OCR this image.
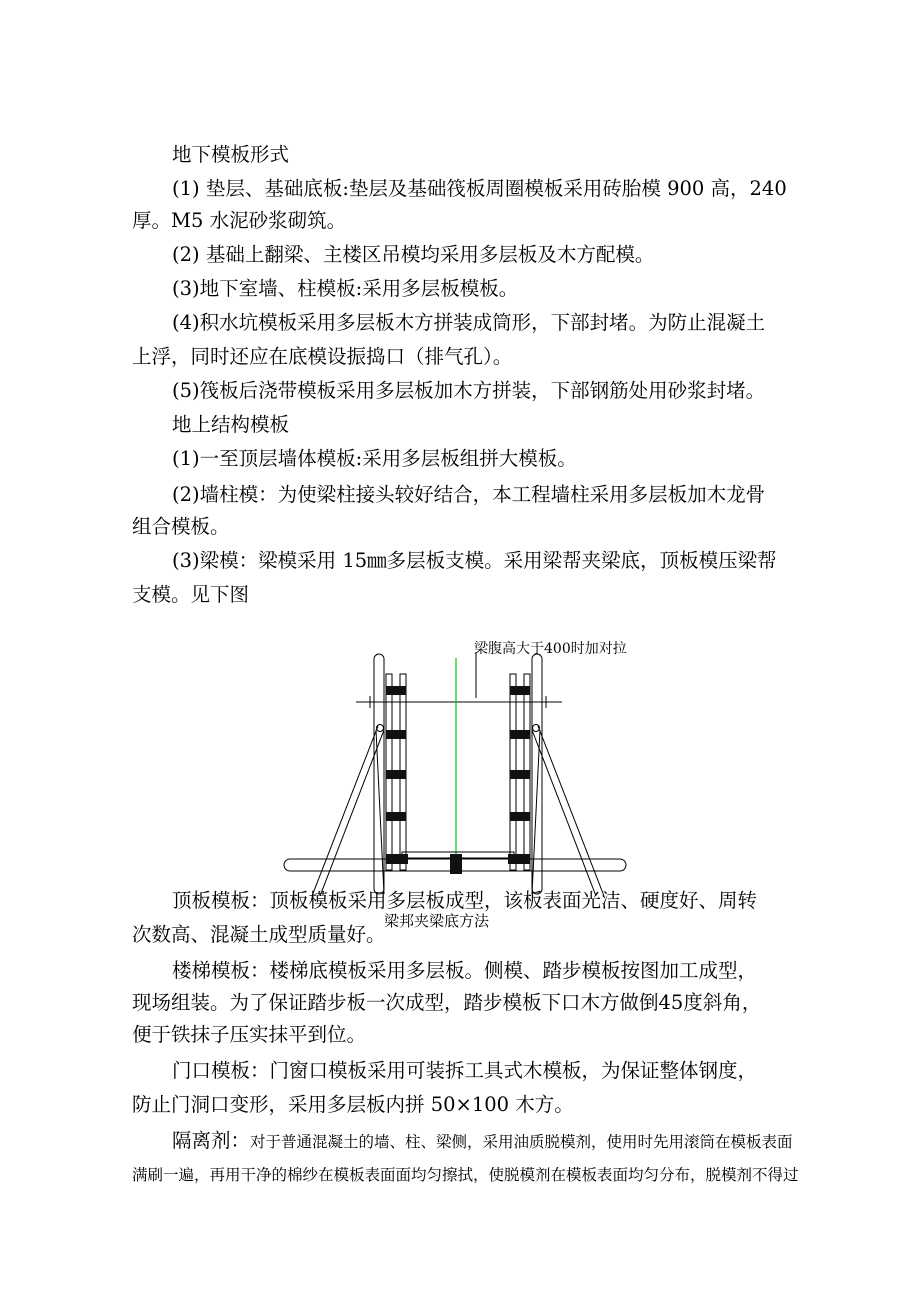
地下模板形式
(1) 垫层、基础底板:垫层及基础筏板周圈模板采用砖胎模 900 高，240
厚。M5 水泥砂浆砌筑。
(2) 基础上翻梁、主楼区吊模均采用多层板及木方配模。
(3)地下室墙、柱模板:采用多层板模板。
(4)积水坑模板采用多层板木方拼装成筒形，下部封堵。为防止混凝土
上浮，同时还应在底模设振捣口（排气孔）。
(5)筏板后浇带模板采用多层板加木方拼装，下部钢筋处用砂浆封堵。
地上结构模板
(1)一至顶层墙体模板:采用多层板组拼大模板。
(2)墙柱模：为使梁柱接头较好结合，本工程墙柱采用多层板加木龙骨
组合模板。
(3)梁模：梁模采用 15㎜多层板支模。采用梁帮夹梁底，顶板模压梁帮
支模。见下图
梁腹高大于400时加对拉
顶板模板：顶板模板采用多层板成型，该板表面光洁、硬度好、周转
梁邦夹梁底方法
次数高、混凝土成型质量好。
楼梯模板：楼梯底模板采用多层板。侧模、踏步模板按图加工成型，
现场组装。为了保证踏步板一次成型，踏步模板下口木方做倒45度斜角，
便于铁抹子压实抹平到位。
门口模板：门窗口模板采用可装拆工具式木模板，为保证整体钢度，
防止门洞口变形，采用多层板内拼 50×100 木方。
隔离剂：对于普通混凝土的墙、柱、梁侧，采用油质脱模剂，使用时先用滚筒在模板表面
满刷一遍，再用干净的棉纱在模板表面面均匀擦拭，使脱模剂在模板表面均匀分布，脱模剂不得过
